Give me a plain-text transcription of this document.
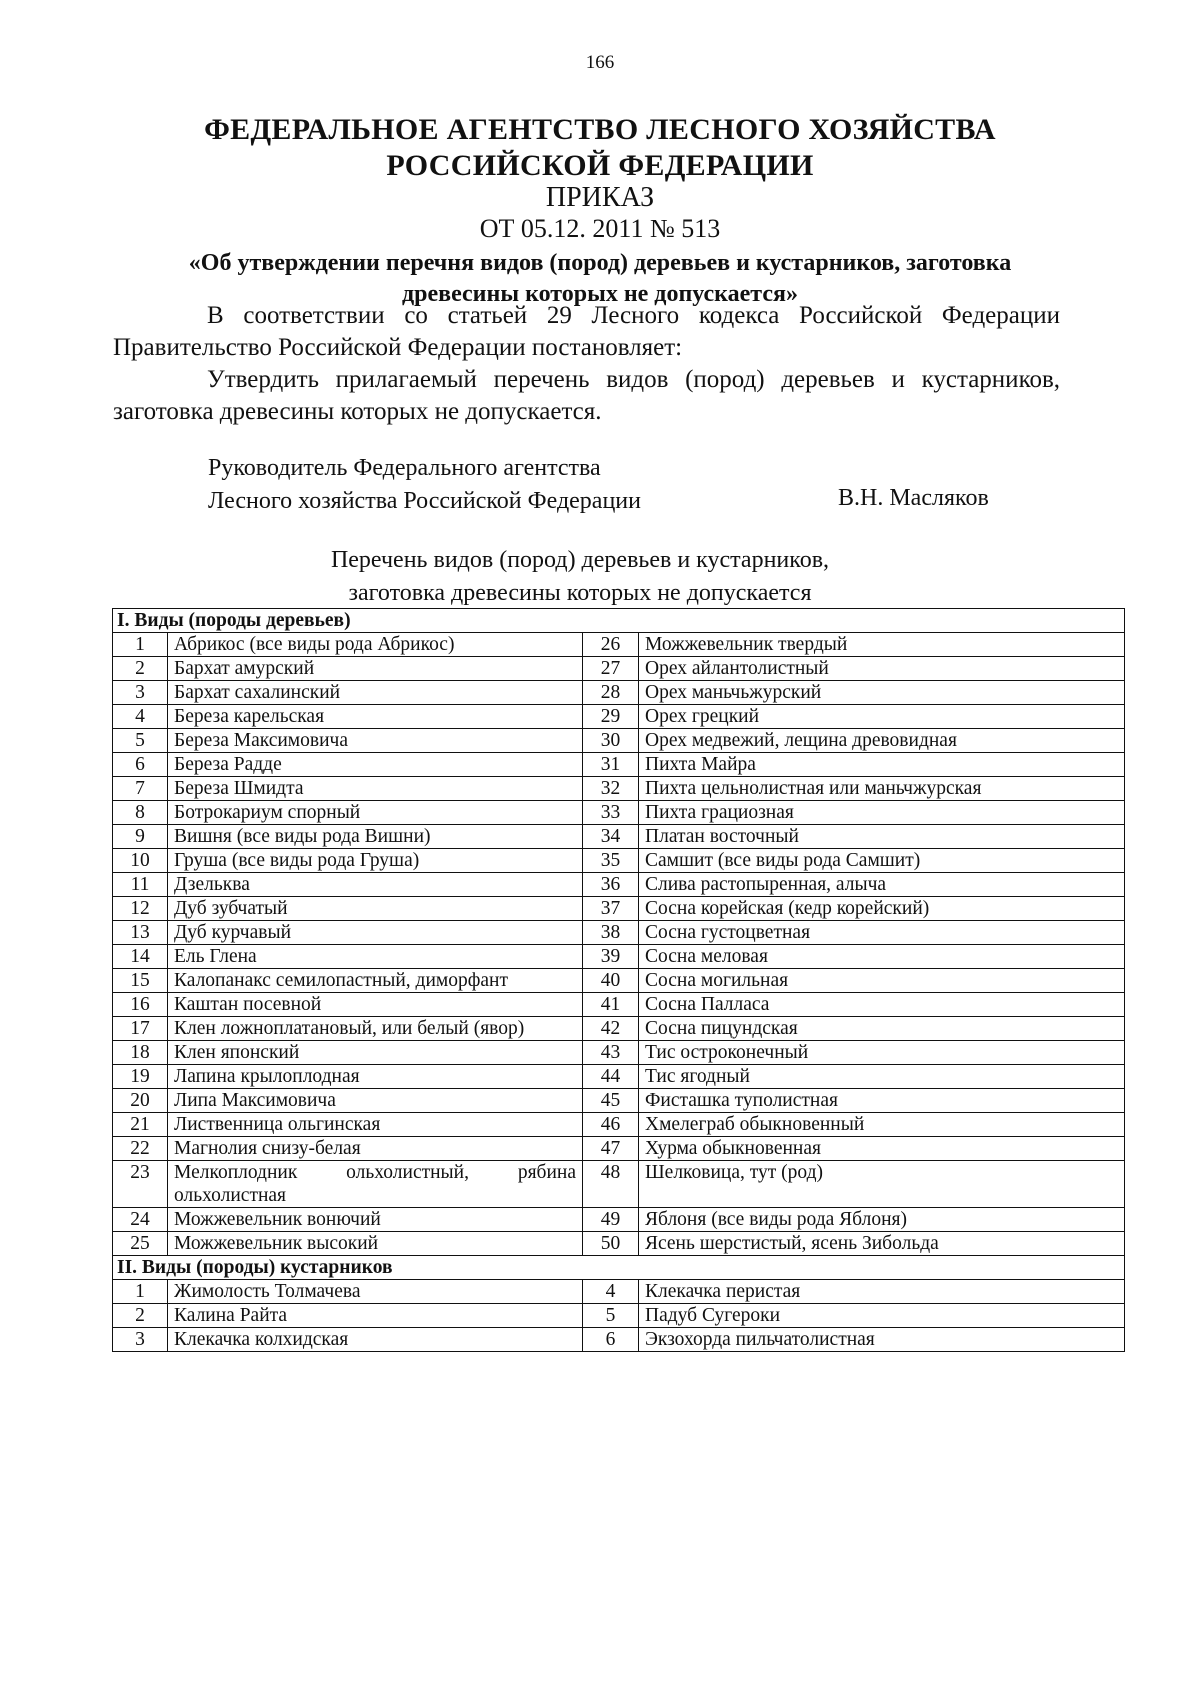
166
ФЕДЕРАЛЬНОЕ АГЕНТСТВО ЛЕСНОГО ХОЗЯЙСТВА РОССИЙСКОЙ ФЕДЕРАЦИИ
ПРИКАЗ
ОТ 05.12. 2011 № 513
«Об утверждении перечня видов (пород) деревьев и кустарников, заготовка древесины которых не допускается»

В соответствии со статьей 29 Лесного кодекса Российской Федерации Правительство Российской Федерации постановляет:

Утвердить прилагаемый перечень видов (пород) деревьев и кустарников, заготовка древесины которых не допускается.

Руководитель Федерального агентства
Лесного хозяйства Российской Федерации	В.Н. Масляков
Перечень видов (пород) деревьев и кустарников,
заготовка древесины которых не допускается
I. Виды (породы деревьев)			
1	Абрикос (все виды рода Абрикос)	26	Можжевельник твердый
2	Бархат амурский	27	Орех айлантолистный
3	Бархат сахалинский	28	Орех маньчьжурский
4	Береза карельская	29	Орех грецкий
5	Береза Максимовича	30	Орех медвежий, лещина древовидная
6	Береза Радде	31	Пихта Майра
7	Береза Шмидта	32	Пихта цельнолистная или маньчжурская
8	Ботрокариум спорный	33	Пихта грациозная
9	Вишня (все виды рода Вишни)	34	Платан восточный
10	Груша (все виды рода Груша)	35	Самшит (все виды рода Самшит)
11	Дзельква	36	Слива растопыренная, алыча
12	Дуб зубчатый	37	Сосна корейская (кедр корейский)
13	Дуб курчавый	38	Сосна густоцветная
14	Ель Глена	39	Сосна меловая
15	Калопанакс семилопастный, диморфант	40	Сосна могильная
16	Каштан посевной	41	Сосна Палласа
17	Клен ложноплатановый, или белый (явор)	42	Сосна пицундская
18	Клен японский	43	Тис остроконечный
19	Лапина крылоплодная	44	Тис ягодный
20	Липа Максимовича	45	Фисташка туполистная
21	Лиственница ольгинская	46	Хмелеграб обыкновенный
22	Магнолия снизу-белая	47	Хурма обыкновенная
23	Мелкоплодник ольхолистный, рябина ольхолистная	48	Шелковица, тут (род)
24	Можжевельник вонючий	49	Яблоня (все виды рода Яблоня)
25	Можжевельник высокий	50	Ясень шерстистый, ясень Зибольда
II. Виды (породы) кустарников			
1	Жимолость Толмачева	4	Клекачка перистая
2	Калина Райта	5	Падуб Сугероки
3	Клекачка колхидская	6	Экзохорда пильчатолистная
